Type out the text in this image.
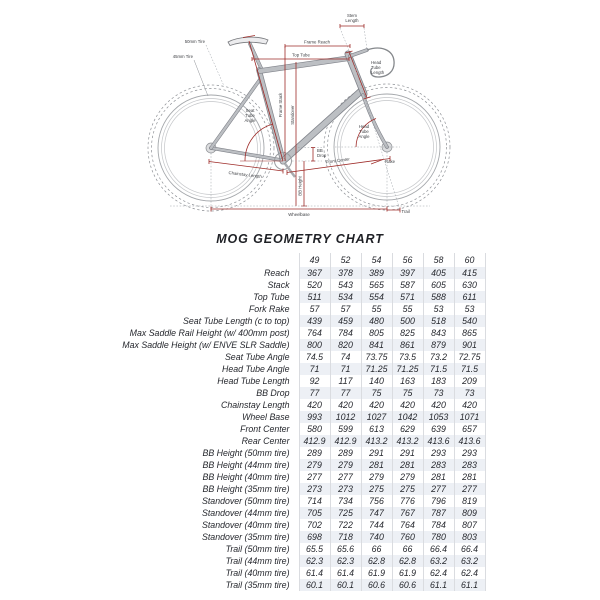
50mm Tire
45mm Tire
Stem
Length
Frame Reach
Top Tube
Head
Tube
Length
Frame Stack Standover
Seat
Tube
Angle
Head
Tube
Angle
BB
Drop
Chainstay Length
Front Center
BB Height
Wheelbase
Trail
Rake
MOG GEOMETRY CHART
	49	52	54	56	58	60
Reach	367	378	389	397	405	415
Stack	520	543	565	587	605	630
Top Tube	511	534	554	571	588	611
Fork Rake	57	57	55	55	53	53
Seat Tube Length (c to top)	439	459	480	500	518	540
Max Saddle Rail Height (w/ 400mm post)	764	784	805	825	843	865
Max Saddle Height (w/ ENVE SLR Saddle)	800	820	841	861	879	901
Seat Tube Angle	74.5	74	73.75	73.5	73.2	72.75
Head Tube Angle	71	71	71.25	71.25	71.5	71.5
Head Tube Length	92	117	140	163	183	209
BB Drop	77	77	75	75	73	73
Chainstay Length	420	420	420	420	420	420
Wheel Base	993	1012	1027	1042	1053	1071
Front Center	580	599	613	629	639	657
Rear Center	412.9	412.9	413.2	413.2	413.6	413.6
BB Height (50mm tire)	289	289	291	291	293	293
BB Height (44mm tire)	279	279	281	281	283	283
BB Height (40mm tire)	277	277	279	279	281	281
BB Height (35mm tire)	273	273	275	275	277	277
Standover (50mm tire)	714	734	756	776	796	819
Standover (44mm tire)	705	725	747	767	787	809
Standover (40mm tire)	702	722	744	764	784	807
Standover (35mm tire)	698	718	740	760	780	803
Trail (50mm tire)	65.5	65.6	66	66	66.4	66.4
Trail (44mm tire)	62.3	62.3	62.8	62.8	63.2	63.2
Trail (40mm tire)	61.4	61.4	61.9	61.9	62.4	62.4
Trail (35mm tire)	60.1	60.1	60.6	60.6	61.1	61.1
